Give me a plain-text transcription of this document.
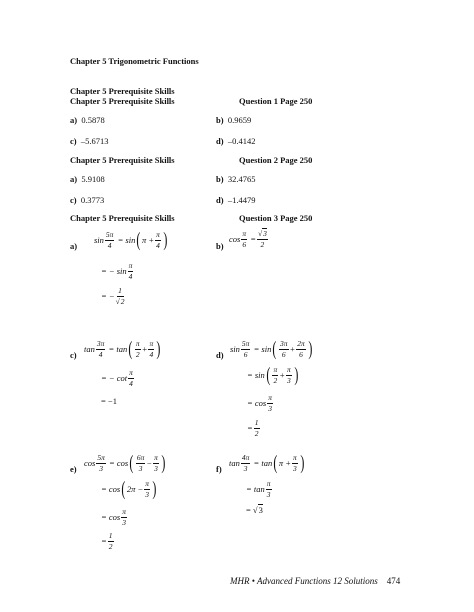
Chapter 5 Trigonometric Functions
Chapter 5 Prerequisite Skills
Chapter 5 Prerequisite Skills	Question 1 Page 250
a) 0.5878	b) 0.9659
c) –5.6713	d) –0.4142
Chapter 5 Prerequisite Skills	Question 2 Page 250
a) 5.9108	b) 32.4765
c) 0.3773	d) –1.4479
Chapter 5 Prerequisite Skills	Question 3 Page 250
a)
$\sin \frac{5\pi}{4} = \sin$ ( $\pi + \frac{\pi}{4}$ )
= − $\sin \frac{\pi}{4}$
= − $\frac{1}{√2}$
b)
$\cos \frac{\pi}{6} = \frac{√3}{2}$
c)
$\tan \frac{3\pi}{4} = \tan$ ( $\frac{\pi}{2} + \frac{\pi}{4}$ )
= − $\cot \frac{\pi}{4}$
= −1
d)
$\sin \frac{5\pi}{6} = \sin$ ( $\frac{3\pi}{6} + \frac{2\pi}{6}$ )
= sin ( $\frac{\pi}{2} + \frac{\pi}{3}$ )
= $\cos \frac{\pi}{3}$
= $\frac{1}{2}$
e)
$\cos \frac{5\pi}{3} = \cos$ ( $\frac{6\pi}{3} - \frac{\pi}{3}$ )
= cos ( $2\pi - \frac{\pi}{3}$ )
= $\cos \frac{\pi}{3}$
= $\frac{1}{2}$
f)
$\tan \frac{4\pi}{3} = \tan$ ( $\pi + \frac{\pi}{3}$ )
= $\tan \frac{\pi}{3}$
= √ 3
MHR • Advanced Functions 12 Solutions 474
